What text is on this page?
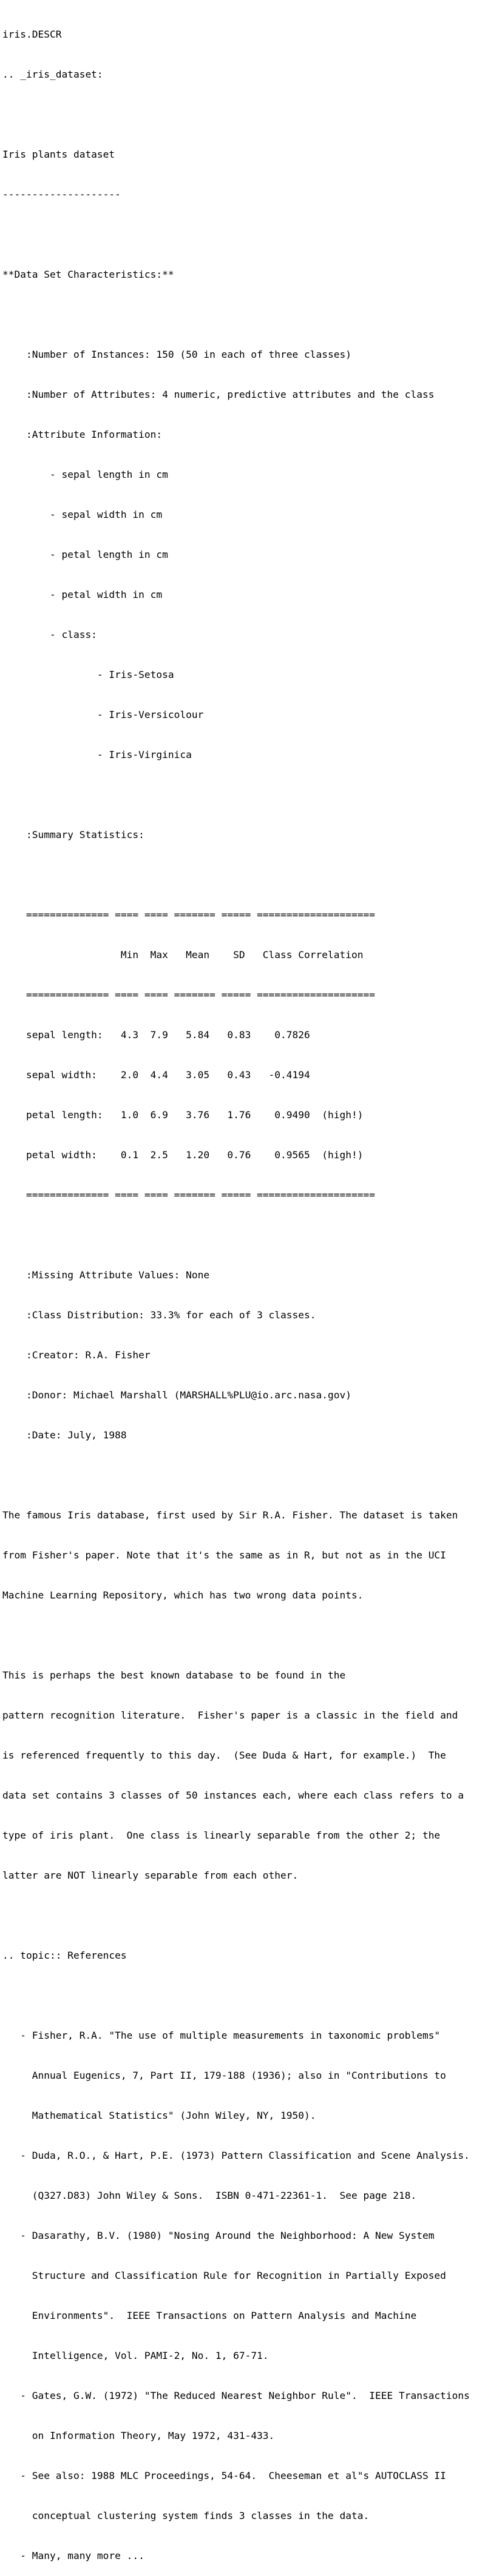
iris.DESCR

.. _iris_dataset:

Iris plants dataset

--------------------

**Data Set Characteristics:**

:Number of Instances: 150 (50 in each of three classes)

:Number of Attributes: 4 numeric, predictive attributes and the class

:Attribute Information:

- sepal length in cm

- sepal width in cm

- petal length in cm

- petal width in cm

- class:

- Iris-Setosa

- Iris-Versicolour

- Iris-Virginica

:Summary Statistics:

============== ==== ==== ======= ===== ====================

Min  Max   Mean    SD   Class Correlation

============== ==== ==== ======= ===== ====================

sepal length:   4.3  7.9   5.84   0.83    0.7826

sepal width:    2.0  4.4   3.05   0.43   -0.4194

petal length:   1.0  6.9   3.76   1.76    0.9490  (high!)

petal width:    0.1  2.5   1.20   0.76    0.9565  (high!)

============== ==== ==== ======= ===== ====================

:Missing Attribute Values: None

:Class Distribution: 33.3% for each of 3 classes.

:Creator: R.A. Fisher

:Donor: Michael Marshall (MARSHALL%PLU@io.arc.nasa.gov)

:Date: July, 1988

The famous Iris database, first used by Sir R.A. Fisher. The dataset is taken

from Fisher's paper. Note that it's the same as in R, but not as in the UCI

Machine Learning Repository, which has two wrong data points.

This is perhaps the best known database to be found in the

pattern recognition literature.  Fisher's paper is a classic in the field and

is referenced frequently to this day.  (See Duda & Hart, for example.)  The

data set contains 3 classes of 50 instances each, where each class refers to a

type of iris plant.  One class is linearly separable from the other 2; the

latter are NOT linearly separable from each other.

.. topic:: References

- Fisher, R.A. "The use of multiple measurements in taxonomic problems"

Annual Eugenics, 7, Part II, 179-188 (1936); also in "Contributions to

Mathematical Statistics" (John Wiley, NY, 1950).

- Duda, R.O., & Hart, P.E. (1973) Pattern Classification and Scene Analysis.

(Q327.D83) John Wiley & Sons.  ISBN 0-471-22361-1.  See page 218.

- Dasarathy, B.V. (1980) "Nosing Around the Neighborhood: A New System

Structure and Classification Rule for Recognition in Partially Exposed

Environments".  IEEE Transactions on Pattern Analysis and Machine

Intelligence, Vol. PAMI-2, No. 1, 67-71.

- Gates, G.W. (1972) "The Reduced Nearest Neighbor Rule".  IEEE Transactions

on Information Theory, May 1972, 431-433.

- See also: 1988 MLC Proceedings, 54-64.  Cheeseman et al"s AUTOCLASS II

conceptual clustering system finds 3 classes in the data.

- Many, many more ...
